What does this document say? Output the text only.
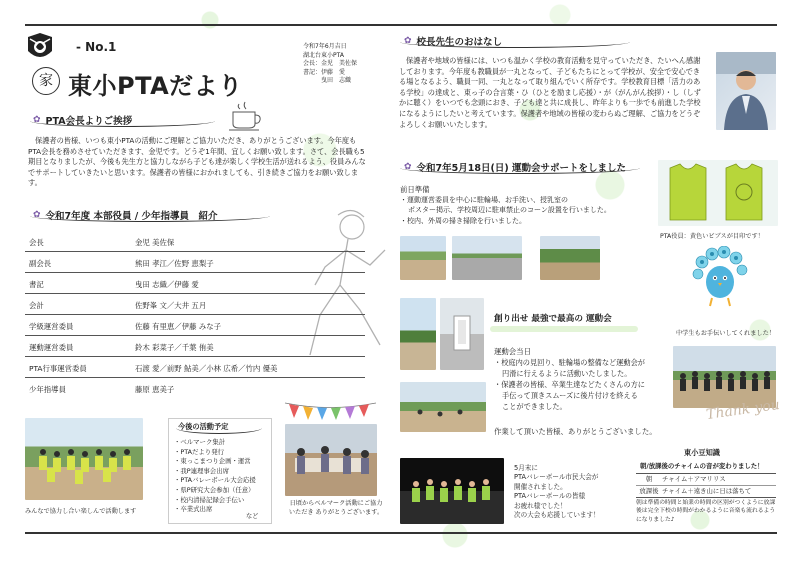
- No.1
家 東小PTAだより
令和7年6月吉日
湖北台東小PTA
会長：金児　美佐保
書記：伊藤　愛
　　　曳田　志織
✿ PTA会長よりご挨拶
保護者の皆様、いつも東小PTAの活動にご理解とご協力いただき、ありがとうございます。今年度もPTA会長を務めさせていただきます、金児です。どうぞ1年間、宜しくお願い致します。さて、会長職も5期目となりましたが、今後も先生方と協力しながら子ども達が楽しく学校生活が送れるよう、役員みんなでサポートしていきたいと思います。保護者の皆様におかれましても、引き続きご協力をお願い致します。
✿ 令和7年度 本部役員 / 少年指導員　紹介
会長	金児 美佐保
副会長	熊田 孝江／佐野 恵梨子
書記	曳田 志織／伊藤 愛
会計	佐野峯 文／大井 五月
学級運営委員	佐藤 有里恵／伊藤 みな子
運動運営委員	鈴木 彩菜子／千葉 侑美
PTA行事運営委員	石渡 愛／前野 鮎美／小林 広希／竹内 優美
少年指導員	藤原 恵美子
みんなで協力し合い楽しんで活動します
今後の活動予定
・ベルマーク集計
・PTAだより発行
・東っこまつり企画・運営
・我P連理事会出席
・PTAバレーボール大会応援
・県P研究大会参加（任意）
・校内清掃記録会手伝い
・卒業式出席
など
日頃からベルマーク活動にご協力いただき ありがとうございます。
✿ 校長先生のおはなし
保護者や地域の皆様には、いつも温かく学校の教育活動を見守っていただき、たいへん感謝しております。今年度も教職員が一丸となって、子どもたちにとって学校が、安全で安心できる場となるよう、職員一同、一丸となって取り組んでいく所存です。学校教育目標「活力のある学校」の達成と、東っ子の合言葉・ひ（ひとを励まし応援）・が（がんがん挨拶）・し（しずかに聴く）をいつでも念頭におき、子ども達と共に成長し、昨年よりも一歩でも前進した学校になるようにしたいと考えています。保護者や地域の皆様の変わらぬご理解、ご協力をどうぞよろしくお願いいたします。
✿ 令和7年5月18日(日) 運動会サポートをしました
前日準備
・運動運営委員を中心に駐輪場、お手洗い、授乳室の
ポスター掲示、学校周辺に駐車禁止のコーン設置を行いました。
・校内、外周の掃き掃除を行いました。
PTA役員：黄色いビブスが目印です！
創り出せ 最強で最高の 運動会
運動会当日
・校庭内の見回り、駐輪場の整備など運動会が
円滑に行えるように活動いたしました。
・保護者の皆様、卒業生達などたくさんの方に
手伝って頂きスムーズに後片付けを終える
ことができました。
作業して頂いた皆様、ありがとうございました。
中学生もお手伝いしてくれました！
Thank you
5月末に
PTAバレーボール市民大会が
開催されました。
PTAバレーボールの皆様
お疲れ様でした！
次の大会も応援しています！
東小豆知識
朝/放課後のチャイムの音が変わりました！
朝	チャイム＋アマリリス
放課後 チャイム＋遠き山に日は落ちて
朝は準備の時間と始業の時間の区別がつくように放課後は完全下校の時間がわかるように音楽も流れるようになりました♪
